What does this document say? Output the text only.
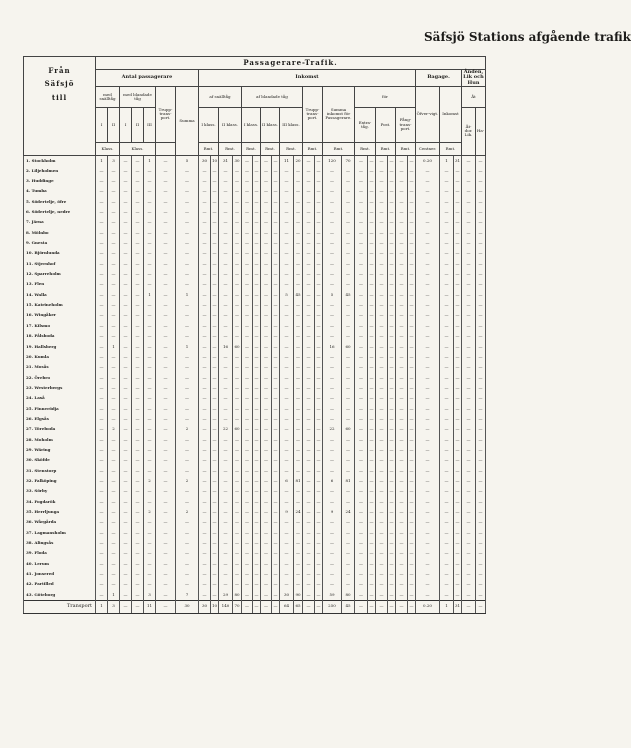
Säfsjö Stations afgående trafik
Från
Säfsjö
till	Passagerare-Trafik.																															
	Antal passagerare							Inkomst																				Bagage.			Ånden, Lik och Hun	
	med snälltåg		med blandade tåg			Trupp-trans-port.	Summa	af snälltåg				af blandade tåg						Trupp-trans-port.		Summa inkomst för Passagerare.		för						Öfver-vigt.	Inkomst		Åt	
	I	II	I	II	III			I klass.		II klass.		I klass.		II klass.		III klass.						Extra-tåg.		Post.		Fång-trans-port.					Åt-dor. Lik.	Ha-
	Klass.		Klass.					Rmt.		Rmt.		Rmt.		Rmt.		Rmt.		Rmt.		Rmt.		Rmt.		Rmt.		Rmt.		Centner.	Rmt.			
1. Stockholm	1	3	—	—	1	—	5	30	10	31	30	—	—	—	—	11	20	—	—	120	70	—	—	—	—	—	—	0.20	1	31	—	—
2. Liljeholmen	—	—	—	—	—	—	—	—	—	—	—	—	—	—	—	—	—	—	—	—	—	—	—	—	—	—	—	—	—	—	—	—
3. Huddinge	—	—	—	—	—	—	—	—	—	—	—	—	—	—	—	—	—	—	—	—	—	—	—	—	—	—	—	—	—	—	—	—
4. Tumba	—	—	—	—	—	—	—	—	—	—	—	—	—	—	—	—	—	—	—	—	—	—	—	—	—	—	—	—	—	—	—	—
5. Södertelje, öfre	—	—	—	—	—	—	—	—	—	—	—	—	—	—	—	—	—	—	—	—	—	—	—	—	—	—	—	—	—	—	—	—
6. Södertelje, nedre	—	—	—	—	—	—	—	—	—	—	—	—	—	—	—	—	—	—	—	—	—	—	—	—	—	—	—	—	—	—	—	—
7. Järna	—	—	—	—	—	—	—	—	—	—	—	—	—	—	—	—	—	—	—	—	—	—	—	—	—	—	—	—	—	—	—	—
8. Mölnbo	—	—	—	—	—	—	—	—	—	—	—	—	—	—	—	—	—	—	—	—	—	—	—	—	—	—	—	—	—	—	—	—
9. Gnesta	—	—	—	—	—	—	—	—	—	—	—	—	—	—	—	—	—	—	—	—	—	—	—	—	—	—	—	—	—	—	—	—
10. Björnlunda	—	—	—	—	—	—	—	—	—	—	—	—	—	—	—	—	—	—	—	—	—	—	—	—	—	—	—	—	—	—	—	—
11. Stjernhof	—	—	—	—	—	—	—	—	—	—	—	—	—	—	—	—	—	—	—	—	—	—	—	—	—	—	—	—	—	—	—	—
12. Sparreholm	—	—	—	—	—	—	—	—	—	—	—	—	—	—	—	—	—	—	—	—	—	—	—	—	—	—	—	—	—	—	—	—
13. Flen	—	—	—	—	—	—	—	—	—	—	—	—	—	—	—	—	—	—	—	—	—	—	—	—	—	—	—	—	—	—	—	—
14. Walla	—	—	—	—	1	—	1	—	—	—	—	—	—	—	—	5	45	—	—	5	45	—	—	—	—	—	—	—	—	—	—	—
15. Katrineholm	—	—	—	—	—	—	—	—	—	—	—	—	—	—	—	—	—	—	—	—	—	—	—	—	—	—	—	—	—	—	—	—
16. Wingåker	—	—	—	—	—	—	—	—	—	—	—	—	—	—	—	—	—	—	—	—	—	—	—	—	—	—	—	—	—	—	—	—
17. Kilsmo	—	—	—	—	—	—	—	—	—	—	—	—	—	—	—	—	—	—	—	—	—	—	—	—	—	—	—	—	—	—	—	—
18. Pålsboda	—	—	—	—	—	—	—	—	—	—	—	—	—	—	—	—	—	—	—	—	—	—	—	—	—	—	—	—	—	—	—	—
19. Hallsberg	—	1	—	—	—	—	1	—	—	16	60	—	—	—	—	—	—	—	—	16	60	—	—	—	—	—	—	—	—	—	—	—
20. Kumla	—	—	—	—	—	—	—	—	—	—	—	—	—	—	—	—	—	—	—	—	—	—	—	—	—	—	—	—	—	—	—	—
21. Mosås	—	—	—	—	—	—	—	—	—	—	—	—	—	—	—	—	—	—	—	—	—	—	—	—	—	—	—	—	—	—	—	—
22. Örebro	—	—	—	—	—	—	—	—	—	—	—	—	—	—	—	—	—	—	—	—	—	—	—	—	—	—	—	—	—	—	—	—
23. Westerbergs	—	—	—	—	—	—	—	—	—	—	—	—	—	—	—	—	—	—	—	—	—	—	—	—	—	—	—	—	—	—	—	—
24. Laxå	—	—	—	—	—	—	—	—	—	—	—	—	—	—	—	—	—	—	—	—	—	—	—	—	—	—	—	—	—	—	—	—
25. Finnerödja	—	—	—	—	—	—	—	—	—	—	—	—	—	—	—	—	—	—	—	—	—	—	—	—	—	—	—	—	—	—	—	—
26. Elgsås	—	—	—	—	—	—	—	—	—	—	—	—	—	—	—	—	—	—	—	—	—	—	—	—	—	—	—	—	—	—	—	—
27. Töreboda	—	2	—	—	—	—	2	—	—	22	60	—	—	—	—	—	—	—	—	22	60	—	—	—	—	—	—	—	—	—	—	—
28. Moholm	—	—	—	—	—	—	—	—	—	—	—	—	—	—	—	—	—	—	—	—	—	—	—	—	—	—	—	—	—	—	—	—
29. Wäring	—	—	—	—	—	—	—	—	—	—	—	—	—	—	—	—	—	—	—	—	—	—	—	—	—	—	—	—	—	—	—	—
30. Sköfde	—	—	—	—	—	—	—	—	—	—	—	—	—	—	—	—	—	—	—	—	—	—	—	—	—	—	—	—	—	—	—	—
31. Stenstorp	—	—	—	—	—	—	—	—	—	—	—	—	—	—	—	—	—	—	—	—	—	—	—	—	—	—	—	—	—	—	—	—
32. Falköping	—	—	—	—	2	—	2	—	—	—	—	—	—	—	—	6	81	—	—	6	81	—	—	—	—	—	—	—	—	—	—	—
33. Sörby	—	—	—	—	—	—	—	—	—	—	—	—	—	—	—	—	—	—	—	—	—	—	—	—	—	—	—	—	—	—	—	—
34. Fogdarök	—	—	—	—	—	—	—	—	—	—	—	—	—	—	—	—	—	—	—	—	—	—	—	—	—	—	—	—	—	—	—	—
35. Herrljunga	—	—	—	—	2	—	2	—	—	—	—	—	—	—	—	9	24	—	—	9	24	—	—	—	—	—	—	—	—	—	—	—
36. Wårgårda	—	—	—	—	—	—	—	—	—	—	—	—	—	—	—	—	—	—	—	—	—	—	—	—	—	—	—	—	—	—	—	—
37. Lagmansholm	—	—	—	—	—	—	—	—	—	—	—	—	—	—	—	—	—	—	—	—	—	—	—	—	—	—	—	—	—	—	—	—
38. Alingsås	—	—	—	—	—	—	—	—	—	—	—	—	—	—	—	—	—	—	—	—	—	—	—	—	—	—	—	—	—	—	—	—
39. Floda	—	—	—	—	—	—	—	—	—	—	—	—	—	—	—	—	—	—	—	—	—	—	—	—	—	—	—	—	—	—	—	—
40. Lerum	—	—	—	—	—	—	—	—	—	—	—	—	—	—	—	—	—	—	—	—	—	—	—	—	—	—	—	—	—	—	—	—
41. Jonsered	—	—	—	—	—	—	—	—	—	—	—	—	—	—	—	—	—	—	—	—	—	—	—	—	—	—	—	—	—	—	—	—
42. Partilled	—	—	—	—	—	—	—	—	—	—	—	—	—	—	—	—	—	—	—	—	—	—	—	—	—	—	—	—	—	—	—	—
43. Göteborg	—	1	—	—	3	—	7	—	—	29	80	—	—	—	—	30	90	—	—	59	80	—	—	—	—	—	—	—	—	—	—	—
Transport	1	3	—	—	11	—	30	30	10	140	70	—	—	—	—	64	65	—	—	250	45	—	—	—	—	—	—	0.20	1	31	—	—
